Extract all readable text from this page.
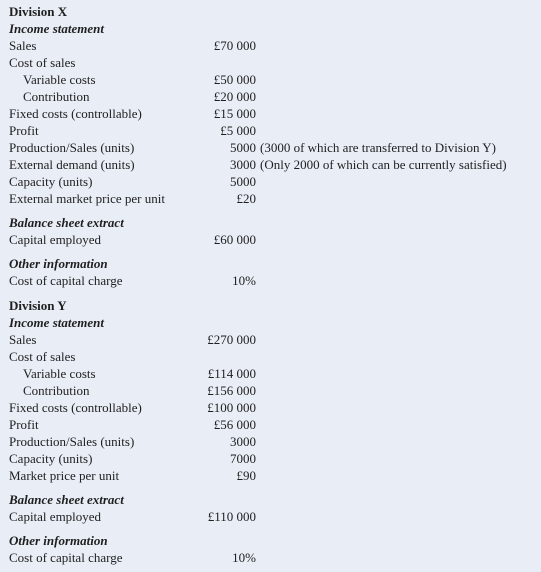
Division X
Income statement
Sales	£70 000
Cost of sales
Variable costs	£50 000
Contribution	£20 000
Fixed costs (controllable)	£15 000
Profit	£5 000
Production/Sales (units)	5000 (3000 of which are transferred to Division Y)
External demand (units)	3000 (Only 2000 of which can be currently satisfied)
Capacity (units)	5000
External market price per unit	£20
Balance sheet extract
Capital employed	£60 000
Other information
Cost of capital charge	10%
Division Y
Income statement
Sales	£270 000
Cost of sales
Variable costs	£114 000
Contribution	£156 000
Fixed costs (controllable)	£100 000
Profit	£56 000
Production/Sales (units)	3000
Capacity (units)	7000
Market price per unit	£90
Balance sheet extract
Capital employed	£110 000
Other information
Cost of capital charge	10%
